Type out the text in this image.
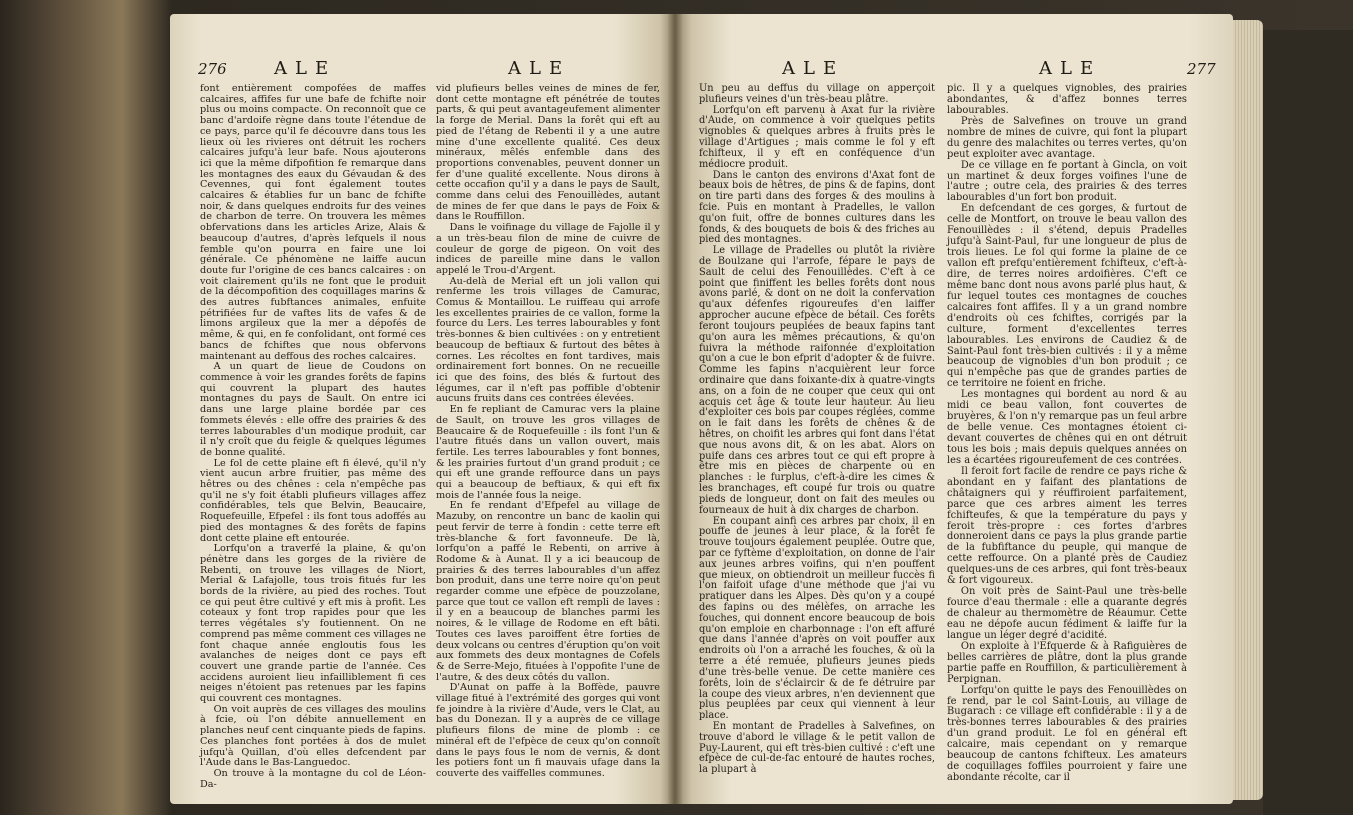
276	ALE	ALE

font entièrement compofées de maffes calcaires, affifes fur une bafe de fchifte noir plus ou moins compacte. On reconnoît que ce banc d'ardoife règne dans toute l'étendue de ce pays, parce qu'il fe découvre dans tous les lieux où les rivieres ont détruit les rochers calcaires jufqu'à leur bafe. Nous ajouterons ici que la même difpofition fe remarque dans les montagnes des eaux du Gévaudan & des Cevennes, qui font également toutes calcaires & établies fur un banc de fchifte noir, & dans quelques endroits fur des veines de charbon de terre. On trouvera les mêmes obfervations dans les articles Arize, Alais & beaucoup d'autres, d'après lefquels il nous femble qu'on pourra en faire une loi générale. Ce phénomène ne laiffe aucun doute fur l'origine de ces bancs calcaires : on voit clairement qu'ils ne font que le produit de la décompofition des coquillages marins & des autres fubftances animales, enfuite pétrifiées fur de vaftes lits de vafes & de limons argileux que la mer a dépofés de même, & qui, en fe confolidant, ont formé ces bancs de fchiftes que nous obfervons maintenant au deffous des roches calcaires.

A un quart de lieue de Coudons on commence à voir les grandes forêts de fapins qui couvrent la plupart des hautes montagnes du pays de Sault. On entre ici dans une large plaine bordée par ces fommets élevés : elle offre des prairies & des terres labourables d'un modique produit, car il n'y croît que du feigle & quelques légumes de bonne qualité.

Le fol de cette plaine eft fi élevé, qu'il n'y vient aucun arbre fruitier, pas même des hêtres ou des chênes : cela n'empêche pas qu'il ne s'y foit établi plufieurs villages affez confidérables, tels que Belvin, Beaucaire, Roquefeuille, Efpefel : ils font tous adoffés au pied des montagnes & des forêts de fapins dont cette plaine eft entourée.

Lorfqu'on a traverfé la plaine, & qu'on pénètre dans les gorges de la rivière de Rebenti, on trouve les villages de Niort, Merial & Lafajolle, tous trois fitués fur les bords de la rivière, au pied des roches. Tout ce qui peut être cultivé y eft mis à profit. Les coteaux y font trop rapides pour que les terres végétales s'y foutiennent. On ne comprend pas même comment ces villages ne font chaque année engloutis fous les avalanches de neiges dont ce pays eft couvert une grande partie de l'année. Ces accidens auroient lieu infailliblement fi ces neiges n'étoient pas retenues par les fapins qui couvrent ces montagnes.

On voit auprès de ces villages des moulins à fcie, où l'on débite annuellement en planches neuf cent cinquante pieds de fapins. Ces planches font portées à dos de mulet jufqu'à Quillan, d'où elles defcendent par l'Aude dans le Bas-Languedoc.

On trouve à la montagne du col de Léon-Da-

vid plufieurs belles veines de mines de fer, dont cette montagne eft pénétrée de toutes parts, & qui peut avantageufement alimenter la forge de Merial. Dans la forêt qui eft au pied de l'étang de Rebenti il y a une autre mine d'une excellente qualité. Ces deux minéraux, mêlés enfemble dans des proportions convenables, peuvent donner un fer d'une qualité excellente. Nous dirons à cette occafion qu'il y a dans le pays de Sault, comme dans celui des Fenouillèdes, autant de mines de fer que dans le pays de Foix & dans le Rouffillon.

Dans le voifinage du village de Fajolle il y a un très-beau filon de mine de cuivre de couleur de gorge de pigeon. On voit des indices de pareille mine dans le vallon appelé le Trou-d'Argent.

Au-delà de Merial eft un joli vallon qui renferme les trois villages de Camurac, Comus & Montaillou. Le ruiffeau qui arrofe les excellentes prairies de ce vallon, forme la fource du Lers. Les terres labourables y font très-bonnes & bien cultivées : on y entretient beaucoup de beftiaux & furtout des bêtes à cornes. Les récoltes en font tardives, mais ordinairement fort bonnes. On ne recueille ici que des foins, des blés & furtout des légumes, car il n'eft pas poffible d'obtenir aucuns fruits dans ces contrées élevées.

En fe repliant de Camurac vers la plaine de Sault, on trouve les gros villages de Beaucaire & de Roquefeuille : ils font l'un & l'autre fitués dans un vallon ouvert, mais fertile. Les terres labourables y font bonnes, & les prairies furtout d'un grand produit ; ce qui eft une grande reffource dans un pays qui a beaucoup de beftiaux, & qui eft fix mois de l'année fous la neige.

En fe rendant d'Efpefel au village de Mazuby, on rencontre un banc de kaolin qui peut fervir de terre à fondin : cette terre eft très-blanche & fort favonneufe. De là, lorfqu'on a paffé le Rebenti, on arrive à Rodome & à Aunat. Il y a ici beaucoup de prairies & des terres labourables d'un affez bon produit, dans une terre noire qu'on peut regarder comme une efpèce de pouzzolane, parce que tout ce vallon eft rempli de laves : il y en a beaucoup de blanches parmi les noires, & le village de Rodome en eft bâti. Toutes ces laves paroiffent être forties de deux volcans ou centres d'éruption qu'on voit aux fommets des deux montagnes de Cofels & de Serre-Mejo, fituées à l'oppofite l'une de l'autre, & des deux côtés du vallon.

D'Aunat on paffe à la Boffède, pauvre village fitué à l'extrémité des gorges qui vont fe joindre à la rivière d'Aude, vers le Clat, au bas du Donezan. Il y a auprès de ce village plufieurs filons de mine de plomb : ce minéral eft de l'efpèce de ceux qu'on connoît dans le pays fous le nom de vernis, & dont les potiers font un fi mauvais ufage dans la couverte des vaiffelles communes.

ALE	ALE	277

Un peu au deffus du village on apperçoit plufieurs veines d'un très-beau plâtre.

Lorfqu'on eft parvenu à Axat fur la rivière d'Aude, on commence à voir quelques petits vignobles & quelques arbres à fruits près le village d'Artigues ; mais comme le fol y eft fchifteux, il y eft en conféquence d'un médiocre produit.

Dans le canton des environs d'Axat font de beaux bois de hêtres, de pins & de fapins, dont on tire parti dans des forges & des moulins à fcie. Puis en montant à Pradelles, le vallon qu'on fuit, offre de bonnes cultures dans les fonds, & des bouquets de bois & des friches au pied des montagnes.

Le village de Pradelles ou plutôt la rivière de Boulzane qui l'arrofe, fépare le pays de Sault de celui des Fenouillèdes. C'eft à ce point que finiffent les belles forêts dont nous avons parlé, & dont on ne doit la confervation qu'aux défenfes rigoureufes d'en laiffer approcher aucune efpèce de bétail. Ces forêts feront toujours peuplées de beaux fapins tant qu'on aura les mêmes précautions, & qu'on fuivra la méthode raifonnée d'exploitation qu'on a cue le bon efprit d'adopter & de fuivre. Comme les fapins n'acquièrent leur force ordinaire que dans foixante-dix à quatre-vingts ans, on a foin de ne couper que ceux qui ont acquis cet âge & toute leur hauteur. Au lieu d'exploiter ces bois par coupes réglées, comme on le fait dans les forêts de chênes & de hêtres, on choifit les arbres qui font dans l'état que nous avons dit, & on les abat. Alors on puife dans ces arbres tout ce qui eft propre à être mis en pièces de charpente ou en planches : le furplus, c'eft-à-dire les cimes & les branchages, eft coupé fur trois ou quatre pieds de longueur, dont on fait des meules ou fourneaux de huit à dix charges de charbon.

En coupant ainfi ces arbres par choix, il en pouffe de jeunes à leur place, & la forêt fe trouve toujours également peuplée. Outre que, par ce fyftème d'exploitation, on donne de l'air aux jeunes arbres voifins, qui n'en pouffent que mieux, on obtiendroit un meilleur fuccès fi l'on faifoit ufage d'une méthode que j'ai vu pratiquer dans les Alpes. Dès qu'on y a coupé des fapins ou des mélèfes, on arrache les fouches, qui donnent encore beaucoup de bois qu'on emploie en charbonnage : l'on eft affuré que dans l'année d'après on voit pouffer aux endroits où l'on a arraché les fouches, & où la terre a été remuée, plufieurs jeunes pieds d'une très-belle venue. De cette manière ces forêts, loin de s'éclaircir & de fe détruire par la coupe des vieux arbres, n'en deviennent que plus peuplées par ceux qui viennent à leur place.

En montant de Pradelles à Salvefines, on trouve d'abord le village & le petit vallon de Puy-Laurent, qui eft très-bien cultivé : c'eft une efpèce de cul-de-fac entouré de hautes roches, la plupart à

pic. Il y a quelques vignobles, des prairies abondantes, & d'affez bonnes terres labourables.

Près de Salvefines on trouve un grand nombre de mines de cuivre, qui font la plupart du genre des malachites ou terres vertes, qu'on peut exploiter avec avantage.

De ce village en fe portant à Gincla, on voit un martinet & deux forges voifines l'une de l'autre ; outre cela, des prairies & des terres labourables d'un fort bon produit.

En defcendant de ces gorges, & furtout de celle de Montfort, on trouve le beau vallon des Fenouillèdes : il s'étend, depuis Pradelles jufqu'à Saint-Paul, fur une longueur de plus de trois lieues. Le fol qui forme la plaine de ce vallon eft prefqu'entièrement fchifteux, c'eft-à-dire, de terres noires ardoifières. C'eft ce même banc dont nous avons parlé plus haut, & fur lequel toutes ces montagnes de couches calcaires font affifes. Il y a un grand nombre d'endroits où ces fchiftes, corrigés par la culture, forment d'excellentes terres labourables. Les environs de Caudiez & de Saint-Paul font très-bien cultivés : il y a même beaucoup de vignobles d'un bon produit ; ce qui n'empêche pas que de grandes parties de ce territoire ne foient en friche.

Les montagnes qui bordent au nord & au midi ce beau vallon, font couvertes de bruyères, & l'on n'y remarque pas un feul arbre de belle venue. Ces montagnes étoient ci-devant couvertes de chênes qui en ont détruit tous les bois ; mais depuis quelques années on les a écartées rigoureufement de ces contrées.

Il feroit fort facile de rendre ce pays riche & abondant en y faifant des plantations de châtaigners qui y réuffiroient parfaitement, parce que ces arbres aiment les terres fchifteufes, & que la température du pays y feroit très-propre : ces fortes d'arbres donneroient dans ce pays la plus grande partie de la fubfiftance du peuple, qui manque de cette reffource. On a planté près de Caudiez quelques-uns de ces arbres, qui font très-beaux & fort vigoureux.

On voit près de Saint-Paul une très-belle fource d'eau thermale : elle a quarante degrés de chaleur au thermomètre de Réaumur. Cette eau ne dépofe aucun fédiment & laiffe fur la langue un léger degré d'acidité.

On exploite à l'Efquerde & à Rafiguières de belles carrières de plâtre, dont la plus grande partie paffe en Rouffillon, & particulièrement à Perpignan.

Lorfqu'on quitte le pays des Fenouillèdes on fe rend, par le col Saint-Louis, au village de Bugarach : ce village eft confidérable : il y a de très-bonnes terres labourables & des prairies d'un grand produit. Le fol en général eft calcaire, mais cependant on y remarque beaucoup de cantons fchifteux. Les amateurs de coquillages foffiles pourroient y faire une abondante récolte, car il
